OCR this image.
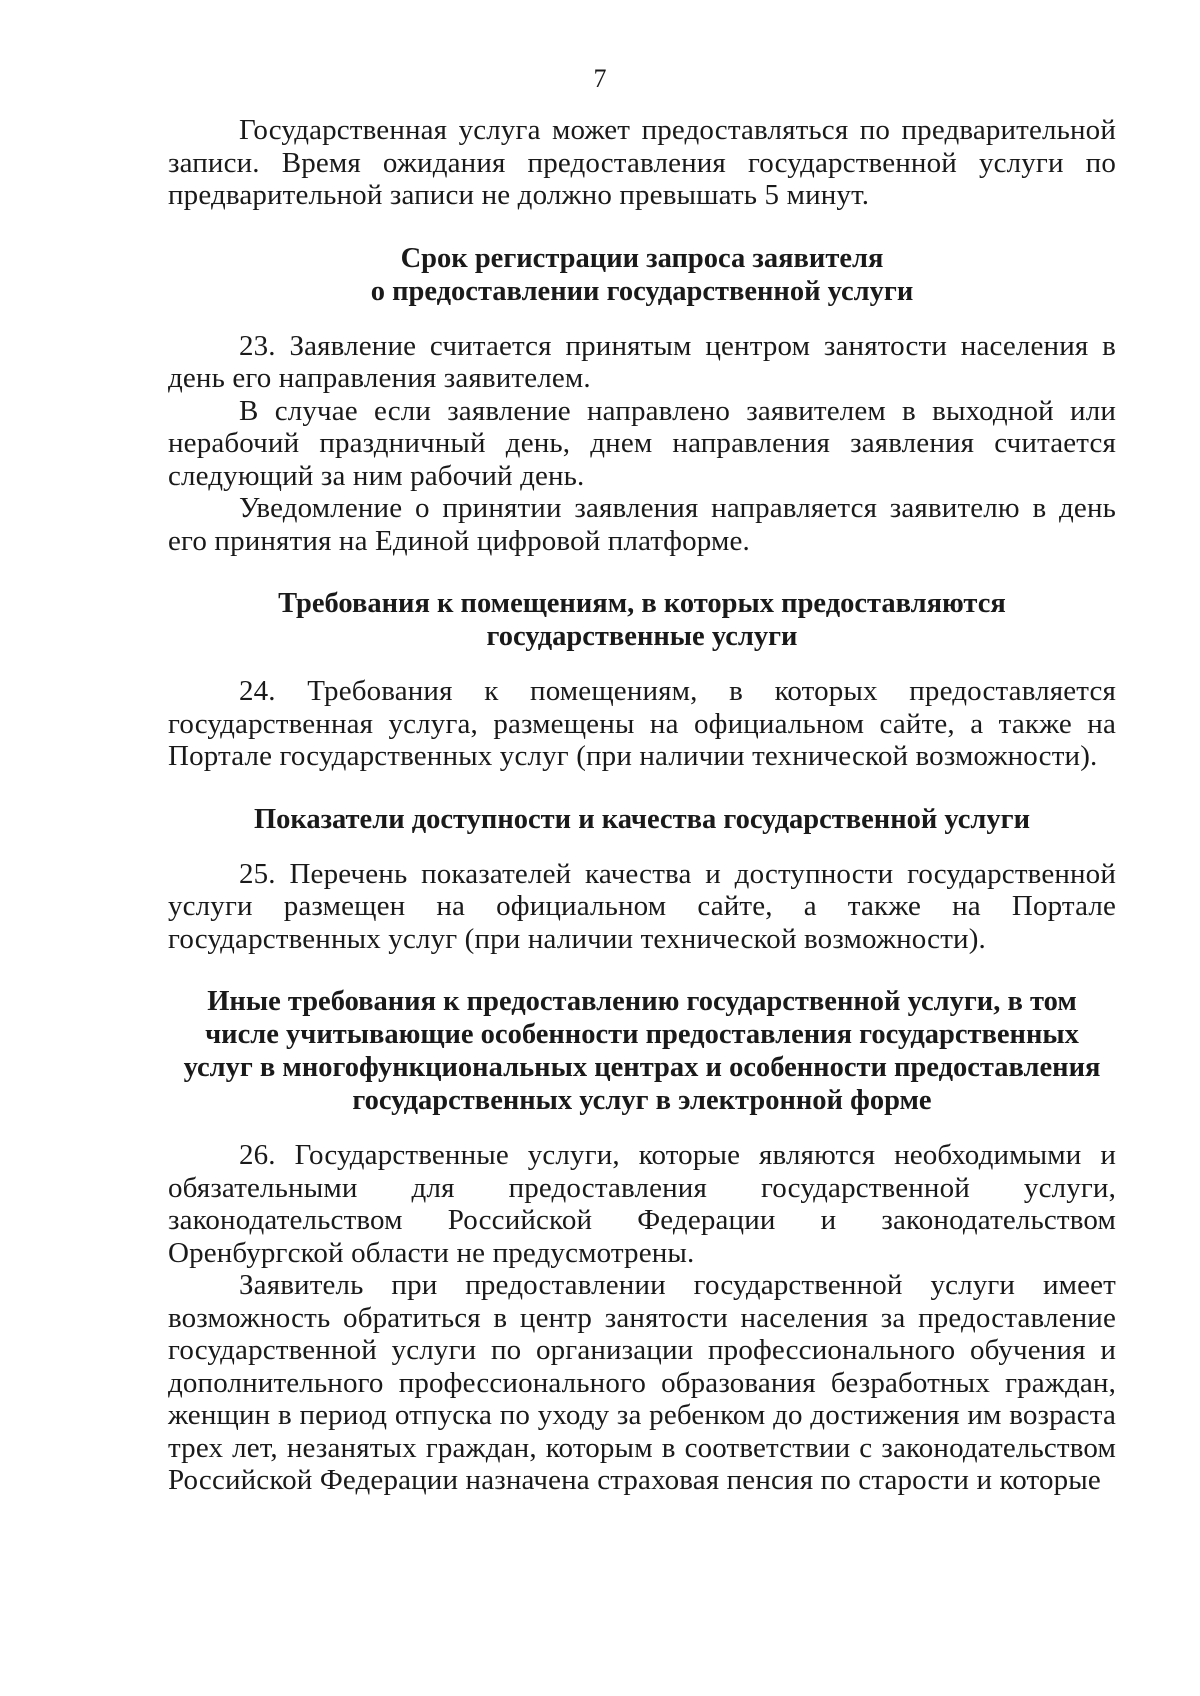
7

Государственная услуга может предоставляться по предварительной записи. Время ожидания предоставления государственной услуги по предварительной записи не должно превышать 5 минут.

Срок регистрации запроса заявителя
о предоставлении государственной услуги

23. Заявление считается принятым центром занятости населения в день его направления заявителем.

В случае если заявление направлено заявителем в выходной или нерабочий праздничный день, днем направления заявления считается следующий за ним рабочий день.

Уведомление о принятии заявления направляется заявителю в день его принятия на Единой цифровой платформе.

Требования к помещениям, в которых предоставляются
государственные услуги

24. Требования к помещениям, в которых предоставляется государственная услуга, размещены на официальном сайте, а также на Портале государственных услуг (при наличии технической возможности).

Показатели доступности и качества государственной услуги

25. Перечень показателей качества и доступности государственной услуги размещен на официальном сайте, а также на Портале государственных услуг (при наличии технической возможности).

Иные требования к предоставлению государственной услуги, в том
числе учитывающие особенности предоставления государственных
услуг в многофункциональных центрах и особенности предоставления
государственных услуг в электронной форме

26. Государственные услуги, которые являются необходимыми и обязательными для предоставления государственной услуги, законодательством Российской Федерации и законодательством Оренбургской области не предусмотрены.

Заявитель при предоставлении государственной услуги имеет возможность обратиться в центр занятости населения за предоставление государственной услуги по организации профессионального обучения и дополнительного профессионального образования безработных граждан, женщин в период отпуска по уходу за ребенком до достижения им возраста трех лет, незанятых граждан, которым в соответствии с законодательством Российской Федерации назначена страховая пенсия по старости и которые
